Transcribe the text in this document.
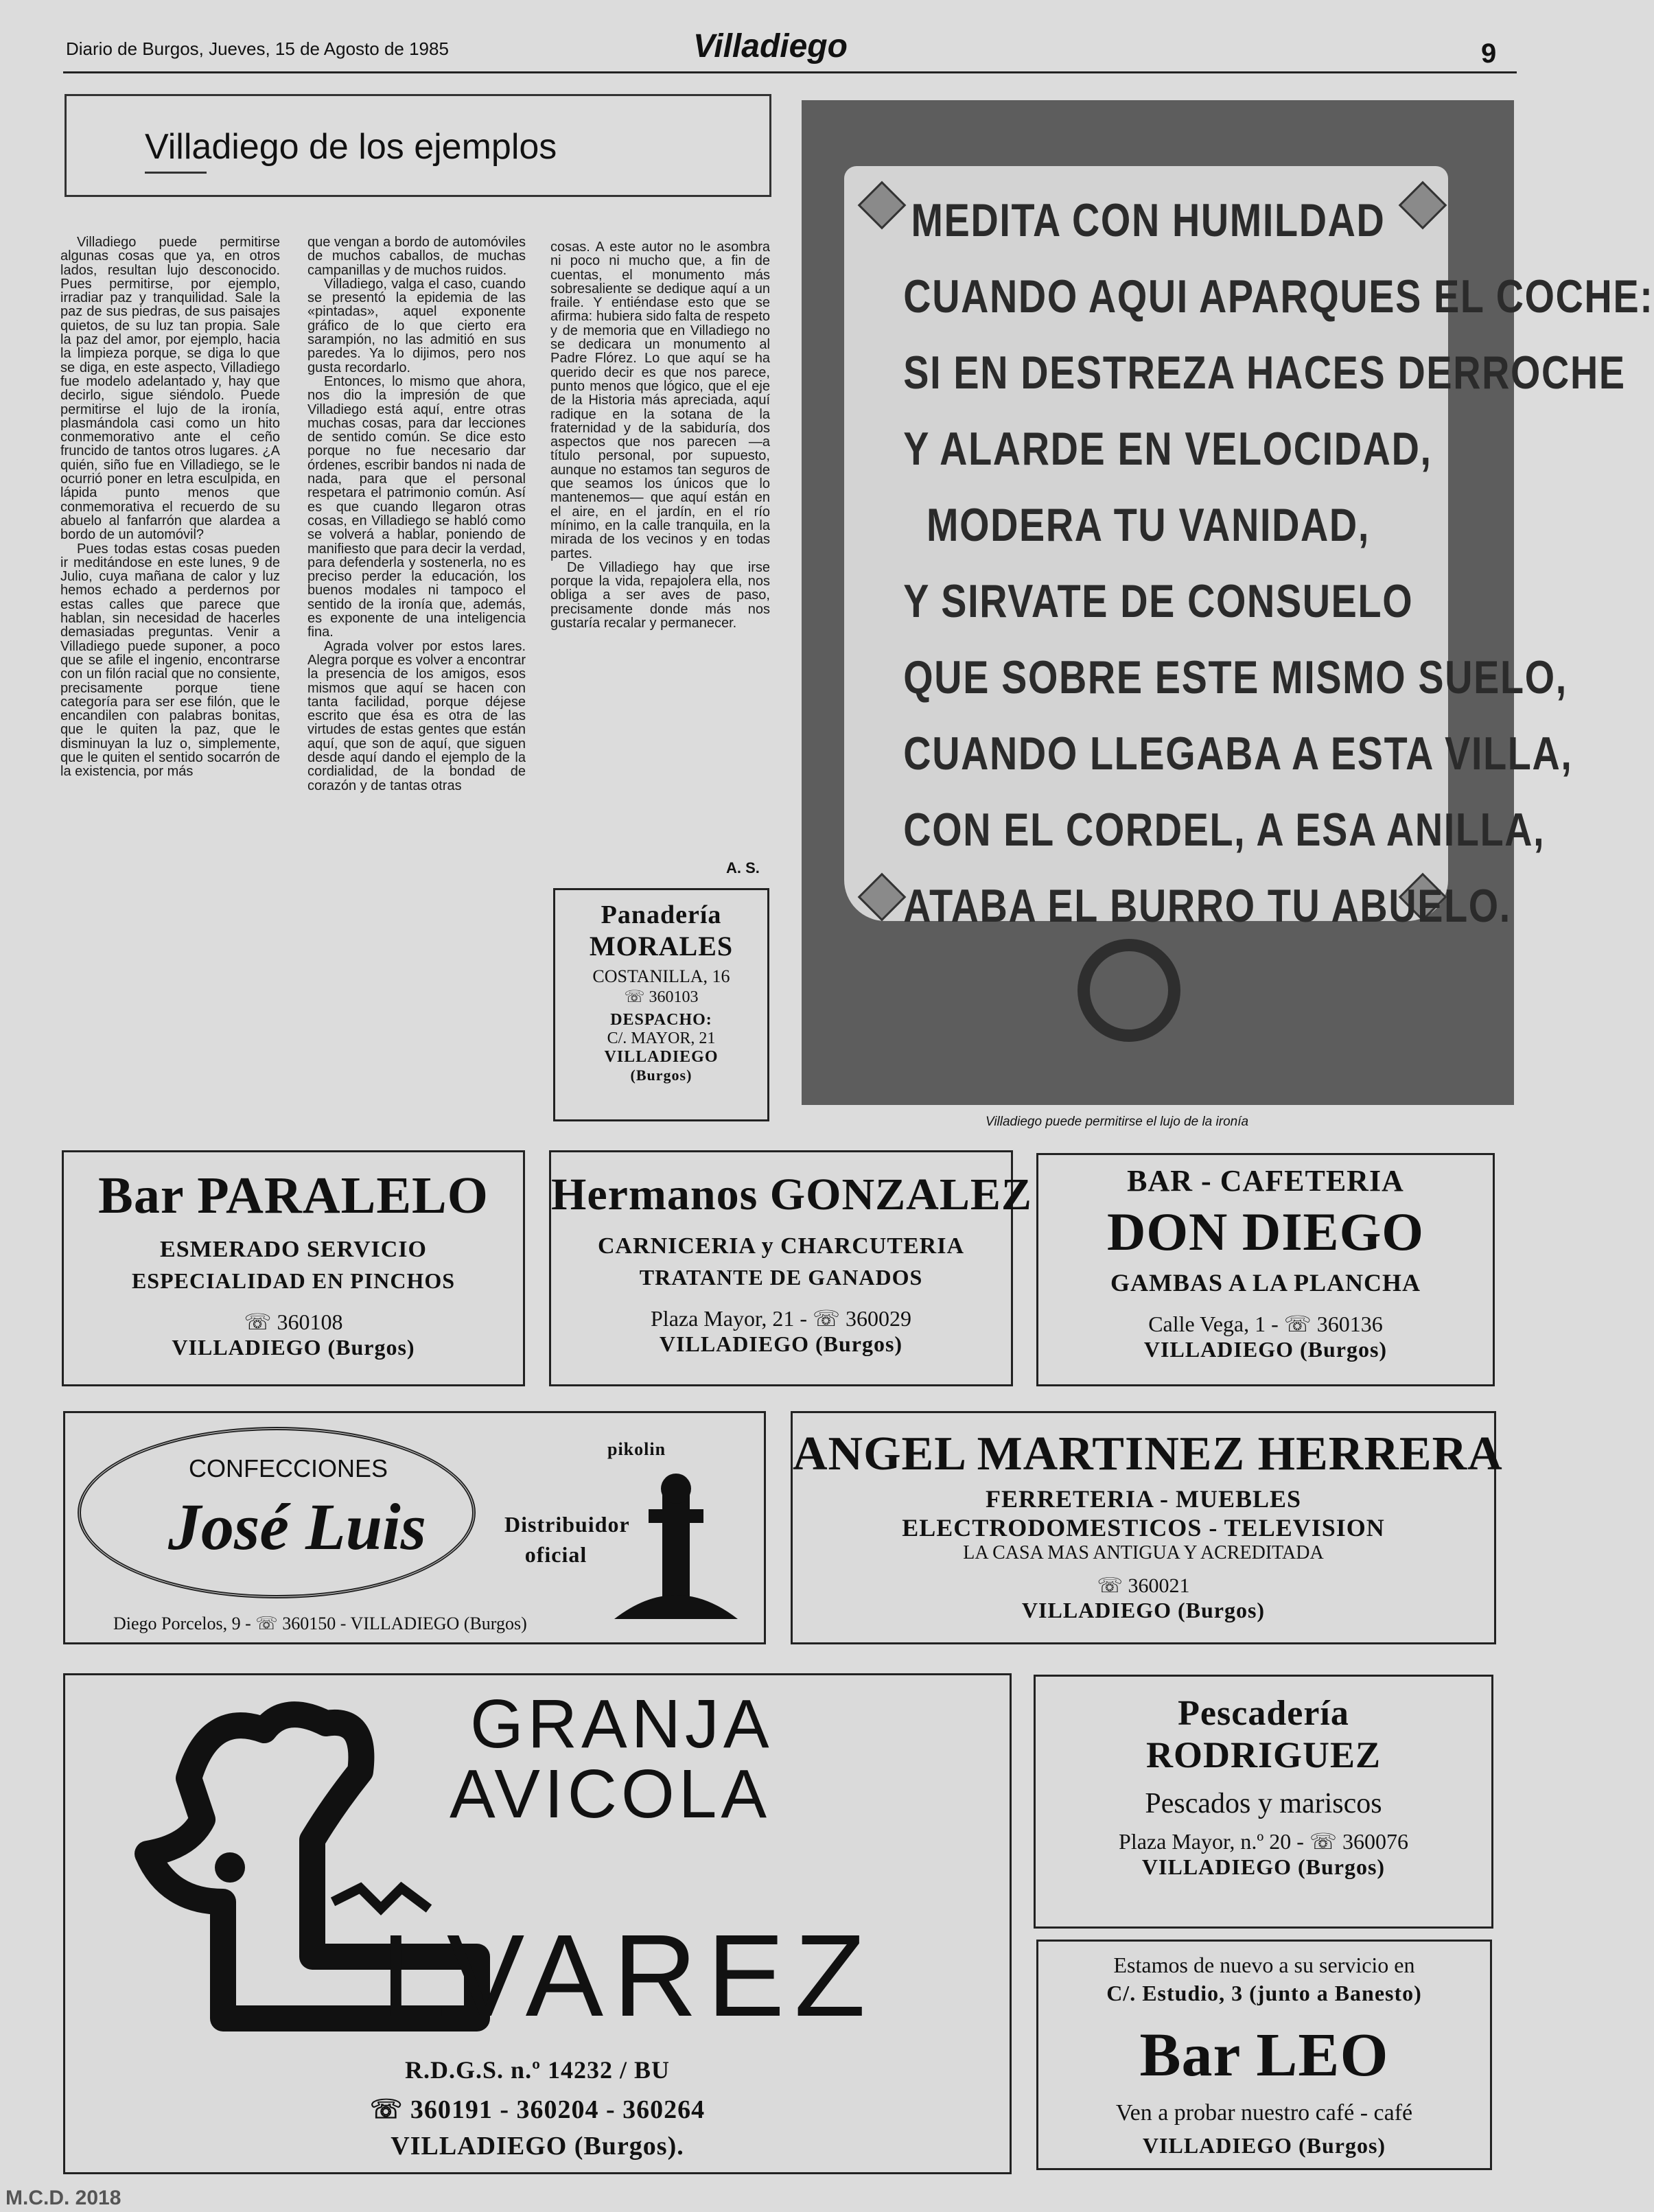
Diario de Burgos, Jueves, 15 de Agosto de 1985	Villadiego	9
Villadiego de los ejemplos

Villadiego puede permitirse algunas cosas que ya, en otros lados, resultan lujo desconocido. Pues permitirse, por ejemplo, irradiar paz y tranquilidad. Sale la paz de sus piedras, de sus paisajes quietos, de su luz tan propia. Sale la paz del amor, por ejemplo, hacia la limpieza porque, se diga lo que se diga, en este aspecto, Villadiego fue modelo adelantado y, hay que decirlo, sigue siéndolo. Puede permitirse el lujo de la ironía, plasmándola casi como un hito conmemorativo ante el ceño fruncido de tantos otros lugares. ¿A quién, siño fue en Villadiego, se le ocurrió poner en letra esculpida, en lápida punto menos que conmemorativa el recuerdo de su abuelo al fanfarrón que alardea a bordo de un automóvil?

Pues todas estas cosas pueden ir meditándose en este lunes, 9 de Julio, cuya mañana de calor y luz hemos echado a perdernos por estas calles que parece que hablan, sin necesidad de hacerles demasiadas preguntas. Venir a Villadiego puede suponer, a poco que se afile el ingenio, encontrarse con un filón racial que no consiente, precisamente porque tiene categoría para ser ese filón, que le encandilen con palabras bonitas, que le quiten la paz, que le disminuyan la luz o, simplemente, que le quiten el sentido socarrón de la existencia, por más

que vengan a bordo de automóviles de muchos caballos, de muchas campanillas y de muchos ruidos.

Villadiego, valga el caso, cuando se presentó la epidemia de las «pintadas», aquel exponente gráfico de lo que cierto era sarampión, no las admitió en sus paredes. Ya lo dijimos, pero nos gusta recordarlo.

Entonces, lo mismo que ahora, nos dio la impresión de que Villadiego está aquí, entre otras muchas cosas, para dar lecciones de sentido común. Se dice esto porque no fue necesario dar órdenes, escribir bandos ni nada de nada, para que el personal respetara el patrimonio común. Así es que cuando llegaron otras cosas, en Villadiego se habló como se volverá a hablar, poniendo de manifiesto que para decir la verdad, para defenderla y sostenerla, no es preciso perder la educación, los buenos modales ni tampoco el sentido de la ironía que, además, es exponente de una inteligencia fina.

Agrada volver por estos lares. Alegra porque es volver a encontrar la presencia de los amigos, esos mismos que aquí se hacen con tanta facilidad, porque déjese escrito que ésa es otra de las virtudes de estas gentes que están aquí, que son de aquí, que siguen desde aquí dando el ejemplo de la cordialidad, de la bondad de corazón y de tantas otras

cosas. A este autor no le asombra ni poco ni mucho que, a fin de cuentas, el monumento más sobresaliente se dedique aquí a un fraile. Y entiéndase esto que se afirma: hubiera sido falta de respeto y de memoria que en Villadiego no se dedicara un monumento al Padre Flórez. Lo que aquí se ha querido decir es que nos parece, punto menos que lógico, que el eje de la Historia más apreciada, aquí radique en la sotana de la fraternidad y de la sabiduría, dos aspectos que nos parecen —a título personal, por supuesto, aunque no estamos tan seguros de que seamos los únicos que lo mantenemos— que aquí están en el aire, en el jardín, en el río mínimo, en la calle tranquila, en la mirada de los vecinos y en todas partes.

De Villadiego hay que irse porque la vida, repajolera ella, nos obliga a ser aves de paso, precisamente donde más nos gustaría recalar y permanecer.

A. S.
MEDITA CON HUMILDAD
CUANDO AQUI APARQUES EL COCHE:
SI EN DESTREZA HACES DERROCHE
Y ALARDE EN VELOCIDAD,
MODERA TU VANIDAD,
Y SIRVATE DE CONSUELO
QUE SOBRE ESTE MISMO SUELO,
CUANDO LLEGABA A ESTA VILLA,
CON EL CORDEL, A ESA ANILLA,
ATABA EL BURRO TU ABUELO.
Villadiego puede permitirse el lujo de la ironía
Panadería
MORALES
COSTANILLA, 16
☏ 360103
DESPACHO:
C/. MAYOR, 21
VILLADIEGO
(Burgos)
Bar PARALELO
ESMERADO SERVICIO
ESPECIALIDAD EN PINCHOS
☏ 360108
VILLADIEGO (Burgos)
Hermanos GONZALEZ
CARNICERIA y CHARCUTERIA
TRATANTE DE GANADOS
Plaza Mayor, 21 - ☏ 360029
VILLADIEGO (Burgos)
BAR - CAFETERIA
DON DIEGO
GAMBAS A LA PLANCHA
Calle Vega, 1 - ☏ 360136
VILLADIEGO (Burgos)
CONFECCIONES
José Luis
Diego Porcelos, 9 - ☏ 360150 - VILLADIEGO (Burgos)
pikolin
Distribuidor oficial
ANGEL MARTINEZ HERRERA
FERRETERIA - MUEBLES
ELECTRODOMESTICOS - TELEVISION
LA CASA MAS ANTIGUA Y ACREDITADA
☏ 360021
VILLADIEGO (Burgos)
GRANJA
AVICOLA
LVAREZ
R.D.G.S. n.º 14232 / BU
☏ 360191 - 360204 - 360264
VILLADIEGO (Burgos).
Pescadería
RODRIGUEZ
Pescados y mariscos
Plaza Mayor, n.º 20 - ☏ 360076
VILLADIEGO (Burgos)
Estamos de nuevo a su servicio en
C/. Estudio, 3 (junto a Banesto)
Bar LEO
Ven a probar nuestro café - café
VILLADIEGO (Burgos)
M.C.D. 2018
